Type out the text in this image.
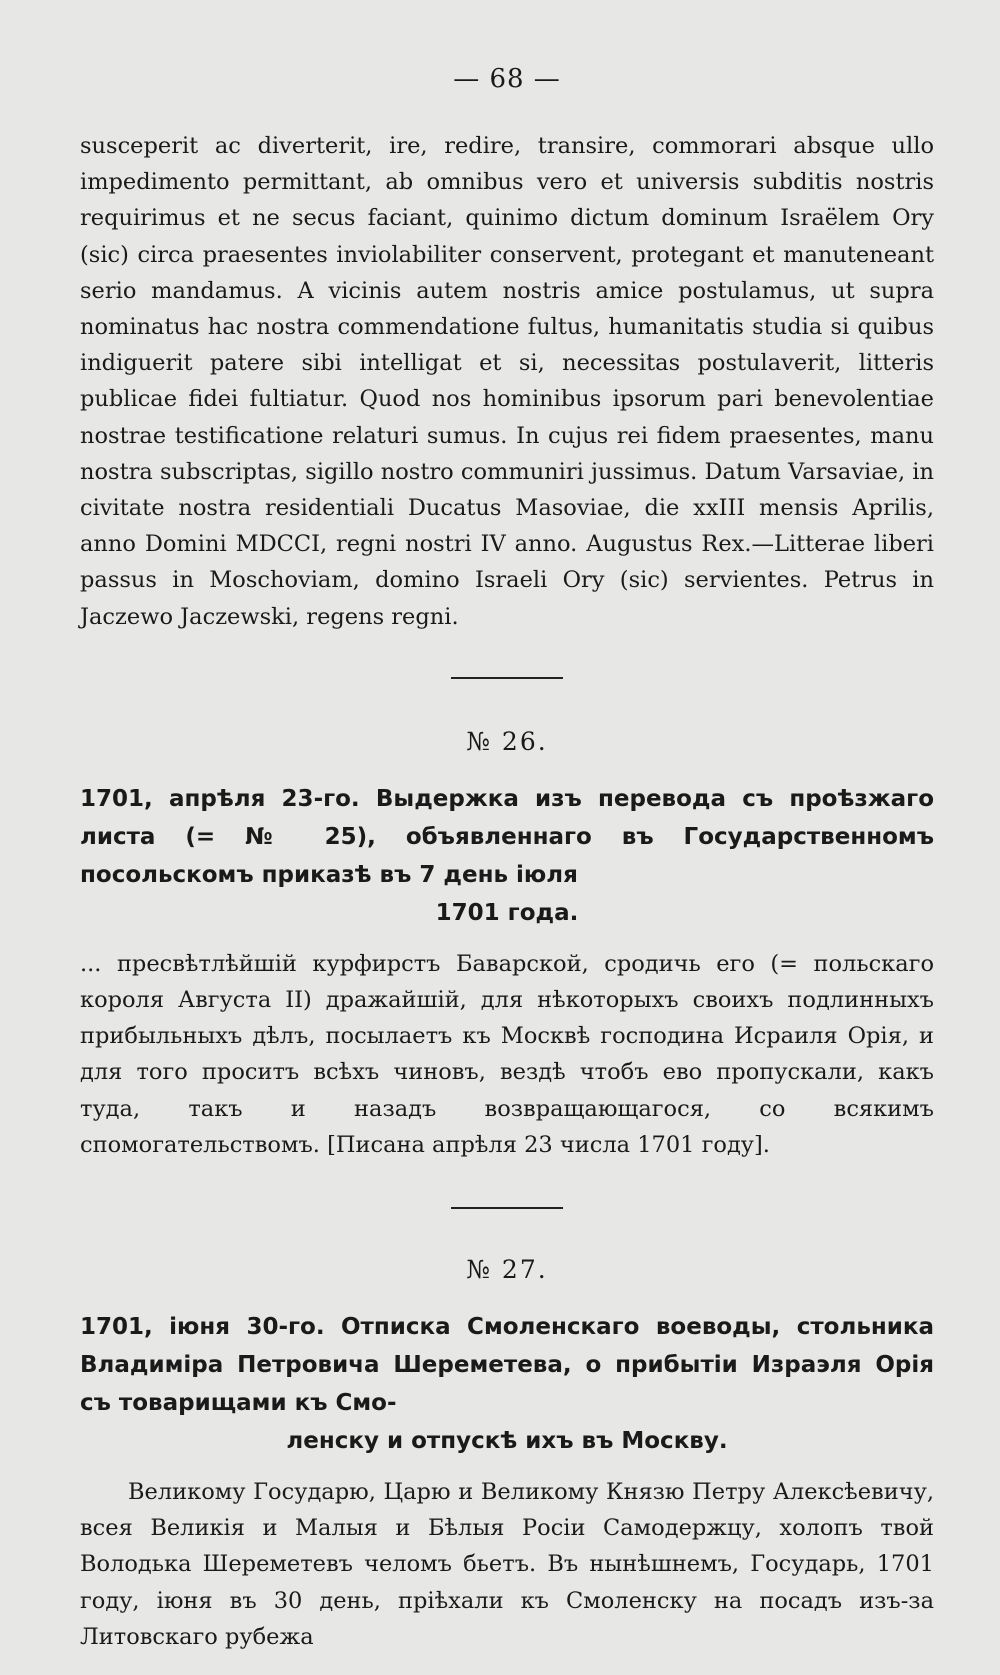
— 68 —

susceperit ac diverterit, ire, redire, transire, commorari absque ullo impedimento permittant, ab omnibus vero et universis subditis nostris requirimus et ne secus faciant, quinimo dictum dominum Israëlem Ory (sic) circa praesentes inviolabiliter conservent, protegant et manuteneant serio mandamus. A vicinis autem nostris amice postulamus, ut supra nominatus hac nostra commendatione fultus, humanitatis studia si quibus indiguerit patere sibi intelligat et si, necessitas postulaverit, litteris publicae fidei fultiatur. Quod nos hominibus ipsorum pari benevolentiae nostrae testificatione relaturi sumus. In cujus rei fidem praesentes, manu nostra subscriptas, sigillo nostro communiri jussimus. Datum Varsaviae, in civitate nostra residentiali Ducatus Masoviae, die xxIII mensis Aprilis, anno Domini MDCCI, regni nostri IV anno. Augustus Rex.—Litterae liberi passus in Moschoviam, domino Israeli Ory (sic) servientes. Petrus in Jaczewo Jaczewski, regens regni.

№ 26.
1701, апрѣля 23-го. Выдержка изъ перевода съ проѣзжаго листа (= № 25), объявленнаго въ Государственномъ посольскомъ приказѣ въ 7 день іюля
1701 года.

... пресвѣтлѣйшій курфирстъ Баварской, сродичь его (= польскаго короля Августа II) дражайшій, для нѣкоторыхъ своихъ подлинныхъ прибыльныхъ дѣлъ, посылаетъ къ Москвѣ господина Исраиля Орія, и для того проситъ всѣхъ чиновъ, вездѣ чтобъ ево пропускали, какъ туда, такъ и назадъ возвращающагося, со всякимъ спомогательствомъ. [Писана апрѣля 23 числа 1701 году].

№ 27.
1701, іюня 30-го. Отписка Смоленскаго воеводы, стольника Владиміра Петровича Шереметева, о прибытіи Израэля Орія съ товарищами къ Смо-
ленску и отпускѣ ихъ въ Москву.

Великому Государю, Царю и Великому Князю Петру Алексѣевичу, всея Великія и Малыя и Бѣлыя Росіи Самодержцу, холопъ твой Володька Шереметевъ челомъ бьетъ. Въ нынѣшнемъ, Государь, 1701 году, іюня въ 30 день, пріѣхали къ Смоленску на посадъ изъ-за Литовскаго рубежа
